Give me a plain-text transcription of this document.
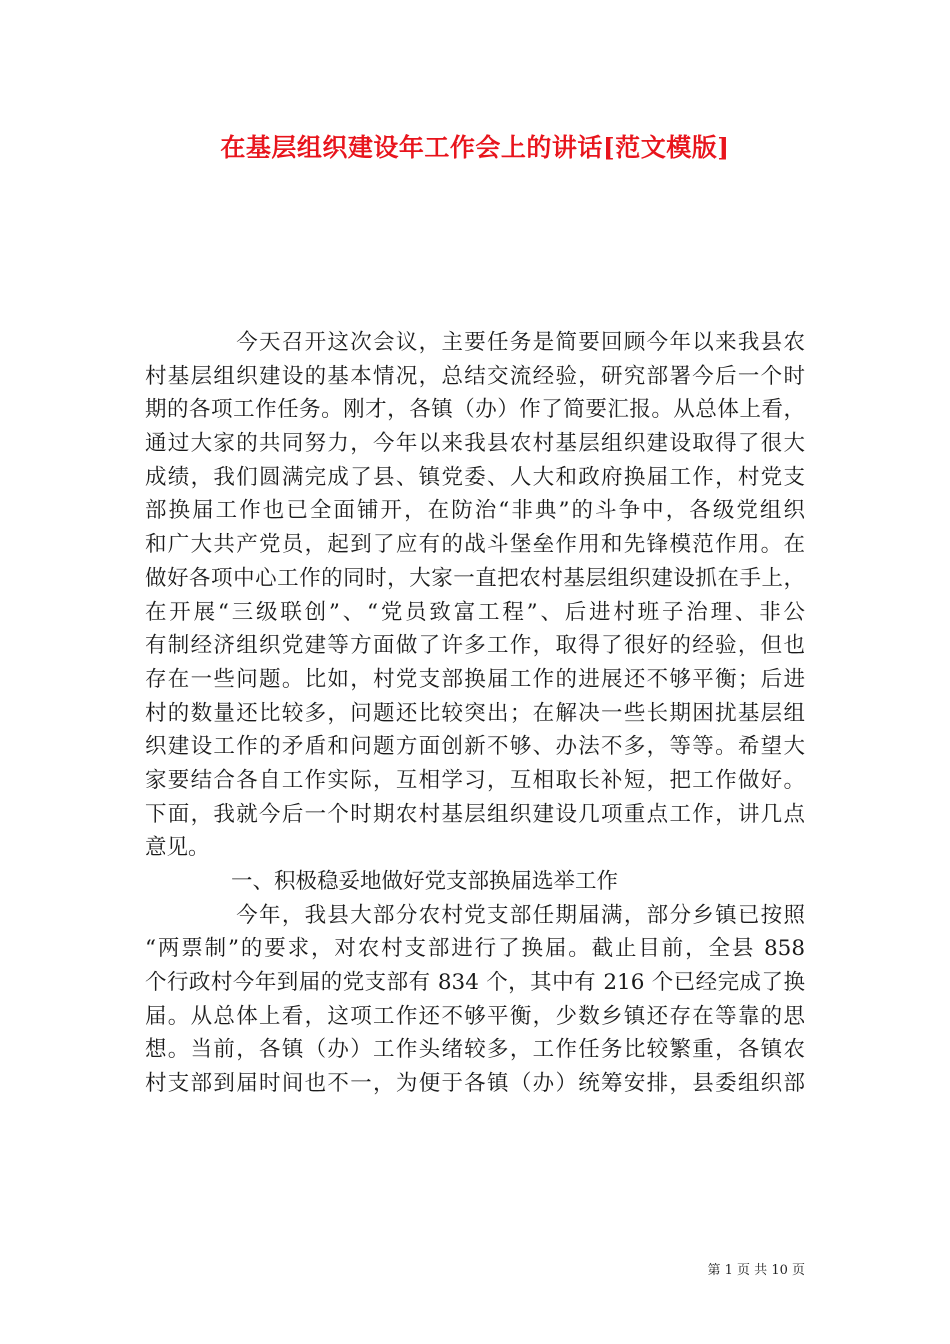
在基层组织建设年工作会上的讲话[范文模版]
　　　　今天召开这次会议，主要任务是简要回顾今年以来我县农
村基层组织建设的基本情况，总结交流经验，研究部署今后一个时
期的各项工作任务。刚才，各镇（办）作了简要汇报。从总体上看，
通过大家的共同努力，今年以来我县农村基层组织建设取得了很大
成绩，我们圆满完成了县、镇党委、人大和政府换届工作，村党支
部换届工作也已全面铺开，在防治“非典”的斗争中，各级党组织
和广大共产党员，起到了应有的战斗堡垒作用和先锋模范作用。在
做好各项中心工作的同时，大家一直把农村基层组织建设抓在手上，
在开展“三级联创”、“党员致富工程”、后进村班子治理、非公
有制经济组织党建等方面做了许多工作，取得了很好的经验，但也
存在一些问题。比如，村党支部换届工作的进展还不够平衡；后进
村的数量还比较多，问题还比较突出；在解决一些长期困扰基层组
织建设工作的矛盾和问题方面创新不够、办法不多，等等。希望大
家要结合各自工作实际，互相学习，互相取长补短，把工作做好。
下面，我就今后一个时期农村基层组织建设几项重点工作，讲几点
意见。
　　　　一、积极稳妥地做好党支部换届选举工作
　　　　今年，我县大部分农村党支部任期届满，部分乡镇已按照
“两票制”的要求，对农村支部进行了换届。截止目前，全县 858
个行政村今年到届的党支部有 834 个，其中有 216 个已经完成了换
届。从总体上看，这项工作还不够平衡，少数乡镇还存在等靠的思
想。当前，各镇（办）工作头绪较多，工作任务比较繁重，各镇农
村支部到届时间也不一，为便于各镇（办）统筹安排，县委组织部
第 1 页 共 10 页
